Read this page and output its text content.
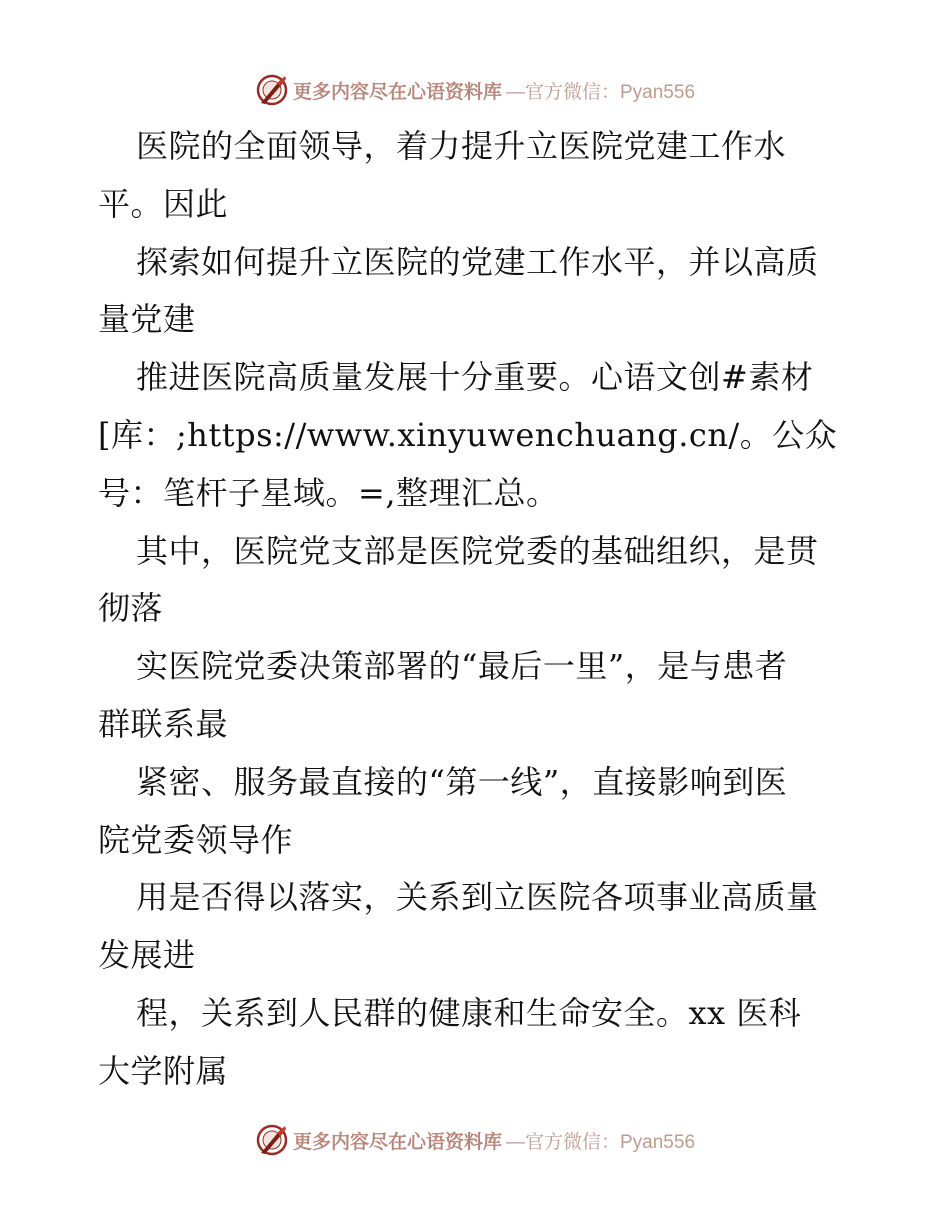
更多内容尽在心语资料库 —官方微信：Pyan556
医院的全面领导，着力提升立医院党建工作水
平。因此
探索如何提升立医院的党建工作水平，并以高质
量党建
推进医院高质量发展十分重要。心语文创#素材
[库：;https://www.xinyuwenchuang.cn/。公众
号：笔杆子星域。=,整理汇总。
其中，医院党支部是医院党委的基础组织，是贯
彻落
实医院党委决策部署的“最后一里”，是与患者
群联系最
紧密、服务最直接的“第一线”，直接影响到医
院党委领导作
用是否得以落实，关系到立医院各项事业高质量
发展进
程，关系到人民群的健康和生命安全。xx 医科
大学附属
更多内容尽在心语资料库 —官方微信：Pyan556
